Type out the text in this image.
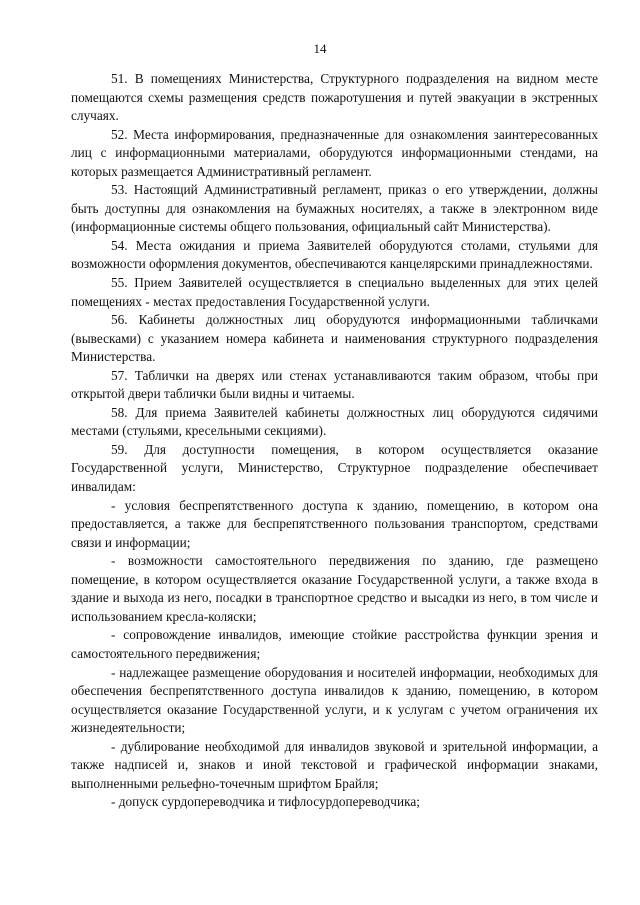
14

51. В помещениях Министерства, Структурного подразделения на видном месте помещаются схемы размещения средств пожаротушения и путей эвакуации в экстренных случаях.

52. Места информирования, предназначенные для ознакомления заинтересованных лиц с информационными материалами, оборудуются информационными стендами, на которых размещается Административный регламент.

53. Настоящий Административный регламент, приказ о его утверждении, должны быть доступны для ознакомления на бумажных носителях, а также в электронном виде (информационные системы общего пользования, официальный сайт Министерства).

54. Места ожидания и приема Заявителей оборудуются столами, стульями для возможности оформления документов, обеспечиваются канцелярскими принадлежностями.

55. Прием Заявителей осуществляется в специально выделенных для этих целей помещениях - местах предоставления Государственной услуги.

56. Кабинеты должностных лиц оборудуются информационными табличками (вывесками) с указанием номера кабинета и наименования структурного подразделения Министерства.

57. Таблички на дверях или стенах устанавливаются таким образом, чтобы при открытой двери таблички были видны и читаемы.

58. Для приема Заявителей кабинеты должностных лиц оборудуются сидячими местами (стульями, кресельными секциями).

59. Для доступности помещения, в котором осуществляется оказание Государственной услуги, Министерство, Структурное подразделение обеспечивает инвалидам:

- условия беспрепятственного доступа к зданию, помещению, в котором она предоставляется, а также для беспрепятственного пользования транспортом, средствами связи и информации;

- возможности самостоятельного передвижения по зданию, где размещено помещение, в котором осуществляется оказание Государственной услуги, а также входа в здание и выхода из него, посадки в транспортное средство и высадки из него, в том числе и использованием кресла-коляски;

- сопровождение инвалидов, имеющие стойкие расстройства функции зрения и самостоятельного передвижения;

- надлежащее размещение оборудования и носителей информации, необходимых для обеспечения беспрепятственного доступа инвалидов к зданию, помещению, в котором осуществляется оказание Государственной услуги, и к услугам с учетом ограничения их жизнедеятельности;

- дублирование необходимой для инвалидов звуковой и зрительной информации, а также надписей и, знаков и иной текстовой и графической информации знаками, выполненными рельефно-точечным шрифтом Брайля;

- допуск сурдопереводчика и тифлосурдопереводчика;
